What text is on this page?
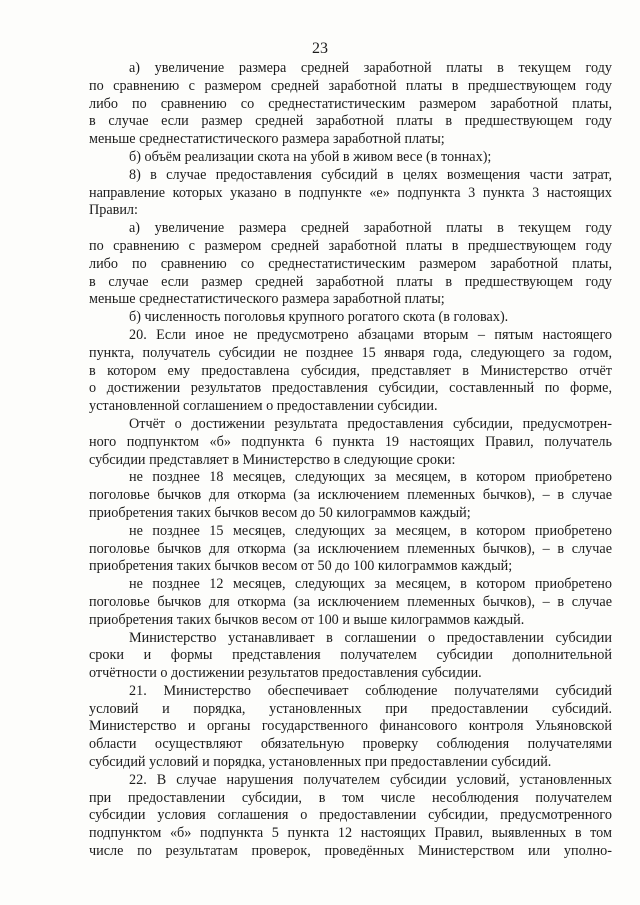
23
а) увеличение размера средней заработной платы в текущем году
по сравнению с размером средней заработной платы в предшествующем году
либо по сравнению со среднестатистическим размером заработной платы,
в случае если размер средней заработной платы в предшествующем году
меньше среднестатистического размера заработной платы;
б) объём реализации скота на убой в живом весе (в тоннах);
8) в случае предоставления субсидий в целях возмещения части затрат,
направление которых указано в подпункте «е» подпункта 3 пункта 3 настоящих
Правил:
а) увеличение размера средней заработной платы в текущем году
по сравнению с размером средней заработной платы в предшествующем году
либо по сравнению со среднестатистическим размером заработной платы,
в случае если размер средней заработной платы в предшествующем году
меньше среднестатистического размера заработной платы;
б) численность поголовья крупного рогатого скота (в головах).
20. Если иное не предусмотрено абзацами вторым – пятым настоящего
пункта, получатель субсидии не позднее 15 января года, следующего за годом,
в котором ему предоставлена субсидия, представляет в Министерство отчёт
о достижении результатов предоставления субсидии, составленный по форме,
установленной соглашением о предоставлении субсидии.
Отчёт о достижении результата предоставления субсидии, предусмотрен-
ного подпунктом «б» подпункта 6 пункта 19 настоящих Правил, получатель
субсидии представляет в Министерство в следующие сроки:
не позднее 18 месяцев, следующих за месяцем, в котором приобретено
поголовье бычков для откорма (за исключением племенных бычков), – в случае
приобретения таких бычков весом до 50 килограммов каждый;
не позднее 15 месяцев, следующих за месяцем, в котором приобретено
поголовье бычков для откорма (за исключением племенных бычков), – в случае
приобретения таких бычков весом от 50 до 100 килограммов каждый;
не позднее 12 месяцев, следующих за месяцем, в котором приобретено
поголовье бычков для откорма (за исключением племенных бычков), – в случае
приобретения таких бычков весом от 100 и выше килограммов каждый.
Министерство устанавливает в соглашении о предоставлении субсидии
сроки и формы представления получателем субсидии дополнительной
отчётности о достижении результатов предоставления субсидии.
21. Министерство обеспечивает соблюдение получателями субсидий
условий и порядка, установленных при предоставлении субсидий.
Министерство и органы государственного финансового контроля Ульяновской
области осуществляют обязательную проверку соблюдения получателями
субсидий условий и порядка, установленных при предоставлении субсидий.
22. В случае нарушения получателем субсидии условий, установленных
при предоставлении субсидии, в том числе несоблюдения получателем
субсидии условия соглашения о предоставлении субсидии, предусмотренного
подпунктом «б» подпункта 5 пункта 12 настоящих Правил, выявленных в том
числе по результатам проверок, проведённых Министерством или уполно-
